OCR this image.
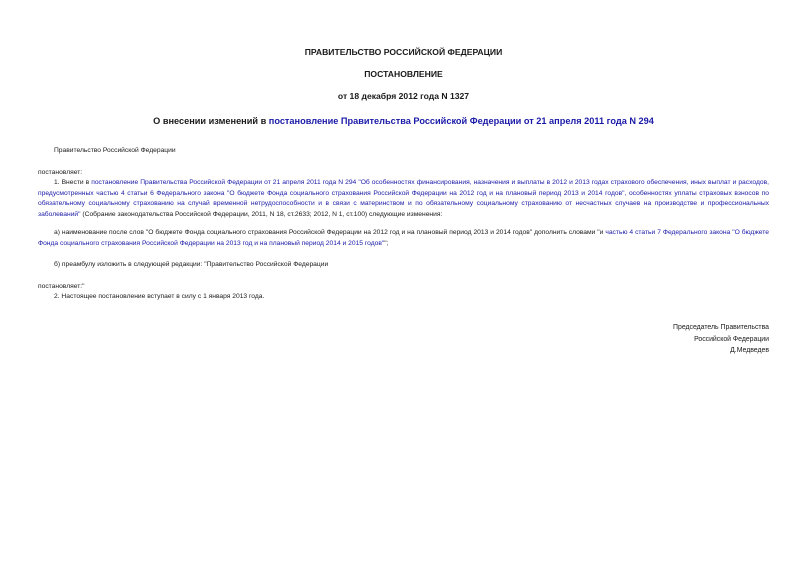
ПРАВИТЕЛЬСТВО РОССИЙСКОЙ ФЕДЕРАЦИИ
ПОСТАНОВЛЕНИЕ
от 18 декабря 2012 года N 1327
О внесении изменений в постановление Правительства Российской Федерации от 21 апреля 2011 года N 294
Правительство Российской Федерации
постановляет:
1. Внести в постановление Правительства Российской Федерации от 21 апреля 2011 года N 294 "Об особенностях финансирования, назначения и выплаты в 2012 и 2013 годах страхового обеспечения, иных выплат и расходов, предусмотренных частью 4 статьи 6 Федерального закона "О бюджете Фонда социального страхования Российской Федерации на 2012 год и на плановый период 2013 и 2014 годов", особенностях уплаты страховых взносов по обязательному социальному страхованию на случай временной нетрудоспособности и в связи с материнством и по обязательному социальному страхованию от несчастных случаев на производстве и профессиональных заболеваний" (Собрание законодательства Российской Федерации, 2011, N 18, ст.2633; 2012, N 1, ст.100) следующие изменения:
а) наименование после слов "О бюджете Фонда социального страхования Российской Федерации на 2012 год и на плановый период 2013 и 2014 годов" дополнить словами "и частью 4 статьи 7 Федерального закона "О бюджете Фонда социального страхования Российской Федерации на 2013 год и на плановый период 2014 и 2015 годов"";
б) преамбулу изложить в следующей редакции: "Правительство Российской Федерации
постановляет:"
2. Настоящее постановление вступает в силу с 1 января 2013 года.
Председатель Правительства
Российской Федерации
Д.Медведев
